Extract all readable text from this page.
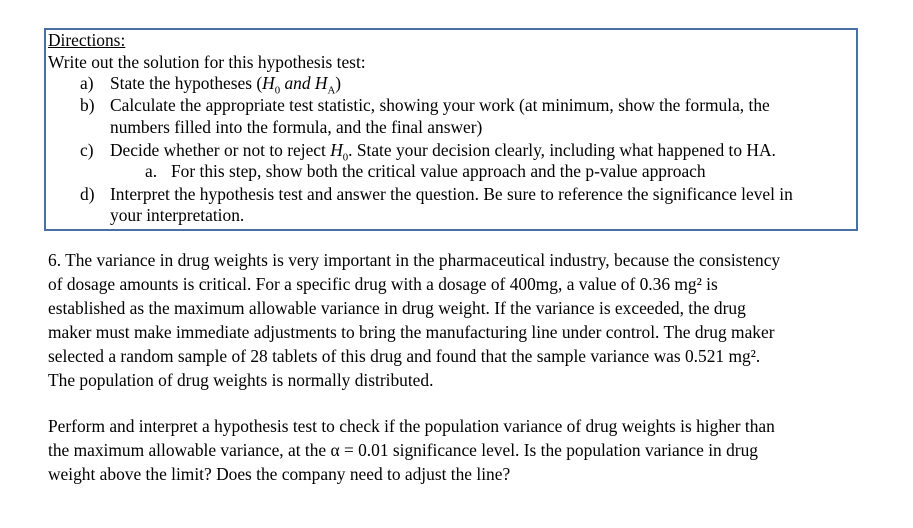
Directions:
Write out the solution for this hypothesis test:
a) State the hypotheses ($H_0$ and $H_A$)
b) Calculate the appropriate test statistic, showing your work (at minimum, show the formula, the
numbers filled into the formula, and the final answer)
c) Decide whether or not to reject $H_0$. State your decision clearly, including what happened to HA.
a. For this step, show both the critical value approach and the p-value approach
d) Interpret the hypothesis test and answer the question. Be sure to reference the significance level in
your interpretation.
6. The variance in drug weights is very important in the pharmaceutical industry, because the consistency
of dosage amounts is critical. For a specific drug with a dosage of 400mg, a value of 0.36 mg² is
established as the maximum allowable variance in drug weight. If the variance is exceeded, the drug
maker must make immediate adjustments to bring the manufacturing line under control. The drug maker
selected a random sample of 28 tablets of this drug and found that the sample variance was 0.521 mg².
The population of drug weights is normally distributed.
Perform and interpret a hypothesis test to check if the population variance of drug weights is higher than
the maximum allowable variance, at the α = 0.01 significance level. Is the population variance in drug
weight above the limit? Does the company need to adjust the line?
